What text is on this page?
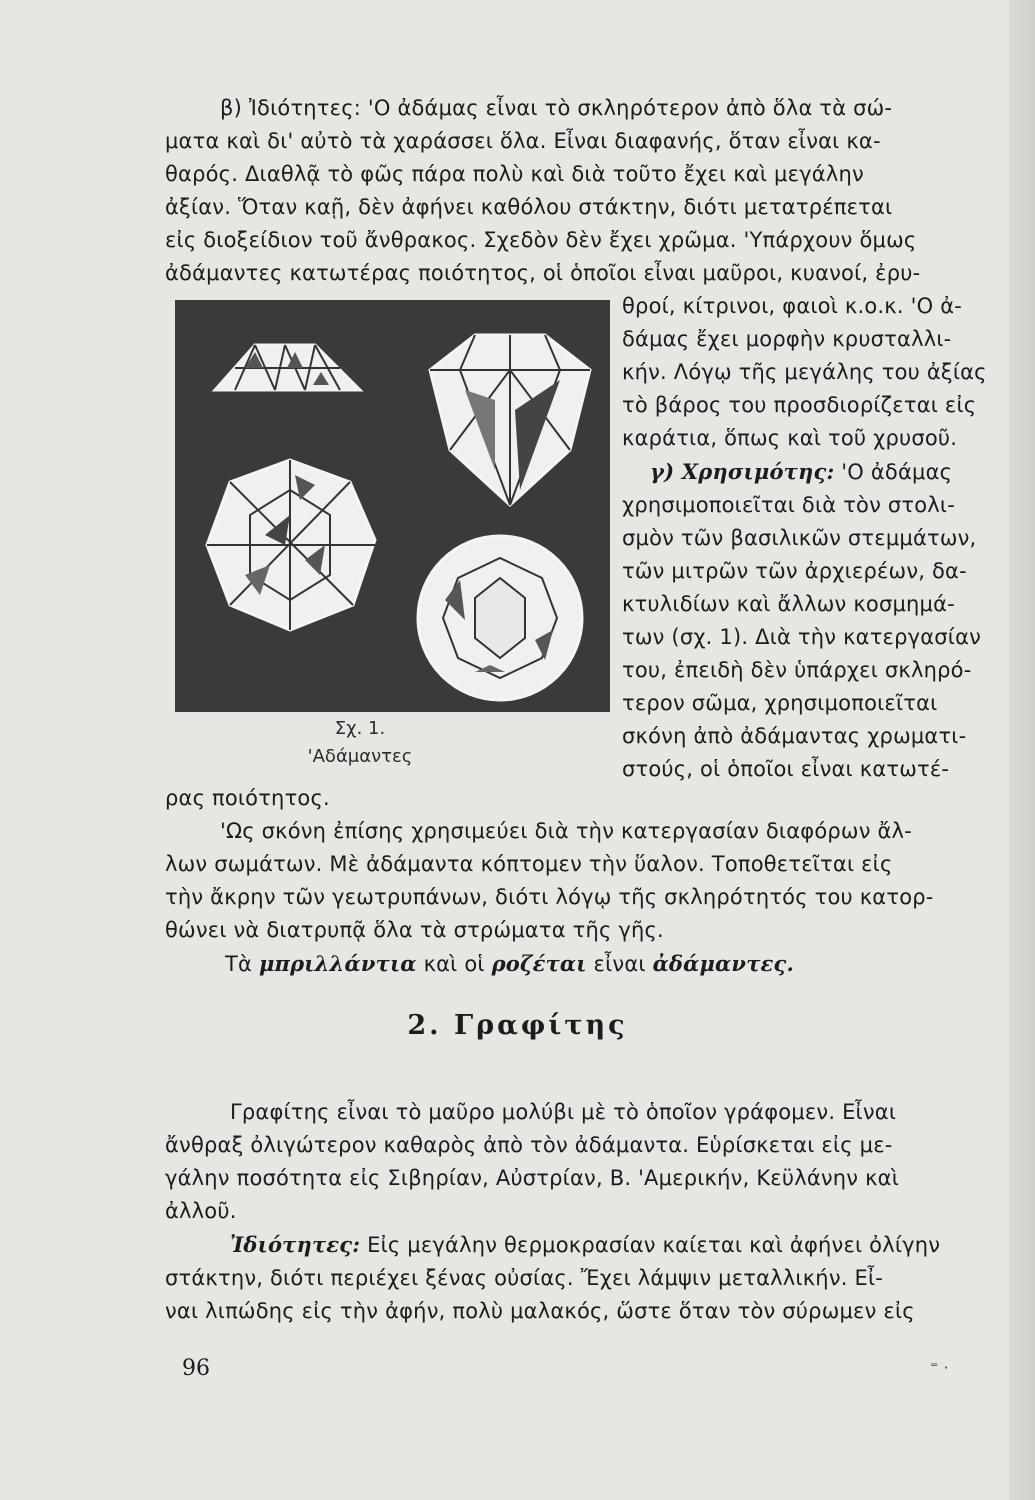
β) Ἰδιότητες: 'Ο ἀδάμας εἶναι τὸ σκληρότερον ἀπὸ ὅλα τὰ σώ-
ματα καὶ δι' αὐτὸ τὰ χαράσσει ὅλα. Εἶναι διαφανής, ὅταν εἶναι κα-
θαρός. Διαθλᾷ τὸ φῶς πάρα πολὺ καὶ διὰ τοῦτο ἔχει καὶ μεγάλην
ἀξίαν. Ὅταν καῇ, δὲν ἀφήνει καθόλου στάκτην, διότι μετατρέπεται
εἰς διοξείδιον τοῦ ἄνθρακος. Σχεδὸν δὲν ἔχει χρῶμα. 'Υπάρχουν ὅμως
ἀδάμαντες κατωτέρας ποιότητος, οἱ ὁποῖοι εἶναι μαῦροι, κυανοί, ἐρυ-
θροί, κίτρινοι, φαιοὶ κ.ο.κ. 'Ο ἀ-
δάμας ἔχει μορφὴν κρυσταλλι-
κήν. Λόγῳ τῆς μεγάλης του ἀξίας
τὸ βάρος του προσδιορίζεται εἰς
καράτια, ὅπως καὶ τοῦ χρυσοῦ.
γ) Χρησιμότης: 'Ο ἀδάμας
χρησιμοποιεῖται διὰ τὸν στολι-
σμὸν τῶν βασιλικῶν στεμμάτων,
τῶν μιτρῶν τῶν ἀρχιερέων, δα-
κτυλιδίων καὶ ἄλλων κοσμημά-
των (σχ. 1). Διὰ τὴν κατεργασίαν
του, ἐπειδὴ δὲν ὑπάρχει σκληρό-
τερον σῶμα, χρησιμοποιεῖται
σκόνη ἀπὸ ἀδάμαντας χρωματι-
στούς, οἱ ὁποῖοι εἶναι κατωτέ-
Σχ. 1.
'Αδάμαντες
ρας ποιότητος.
'Ως σκόνη ἐπίσης χρησιμεύει διὰ τὴν κατεργασίαν διαφόρων ἄλ-
λων σωμάτων. Μὲ ἀδάμαντα κόπτομεν τὴν ὕαλον. Τοποθετεῖται εἰς
τὴν ἄκρην τῶν γεωτρυπάνων, διότι λόγῳ τῆς σκληρότητός του κατορ-
θώνει νὰ διατρυπᾷ ὅλα τὰ στρώματα τῆς γῆς.
Τὰ μπριλλάντια καὶ οἱ ροζέται εἶναι ἀδάμαντες.
2. Γραφίτης
Γραφίτης εἶναι τὸ μαῦρο μολύβι μὲ τὸ ὁποῖον γράφομεν. Εἶναι
ἄνθραξ ὀλιγώτερον καθαρὸς ἀπὸ τὸν ἀδάμαντα. Εὑρίσκεται εἰς με-
γάλην ποσότητα εἰς Σιβηρίαν, Αὐστρίαν, Β. 'Αμερικήν, Κεϋλάνην καὶ
ἀλλοῦ.
Ἰδιότητες: Εἰς μεγάλην θερμοκρασίαν καίεται καὶ ἀφήνει ὀλίγην
στάκτην, διότι περιέχει ξένας οὐσίας. Ἔχει λάμψιν μεταλλικήν. Εἶ-
ναι λιπώδης εἰς τὴν ἀφήν, πολὺ μαλακός, ὥστε ὅταν τὸν σύρωμεν εἰς
96	⁼ ·
